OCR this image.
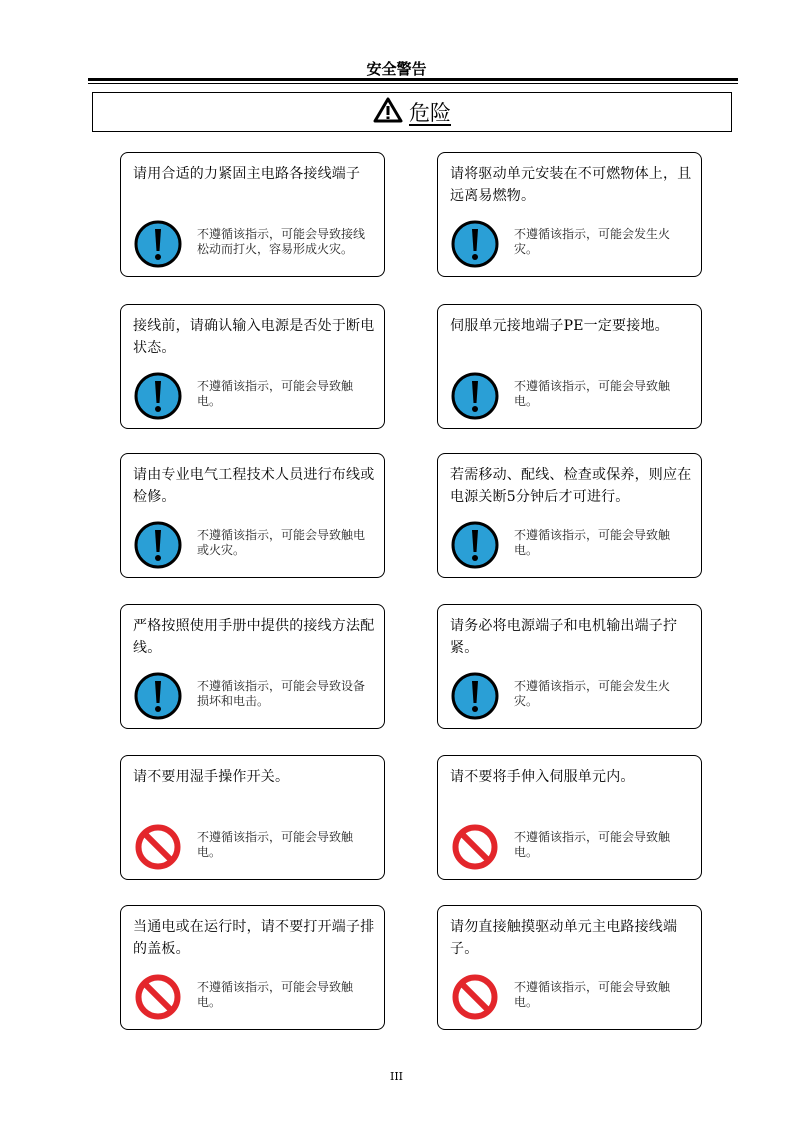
安全警告
危险
请用合适的力紧固主电路各接线端子
不遵循该指示，可能会导致接线松动而打火，容易形成火灾。
请将驱动单元安装在不可燃物体上，且远离易燃物。
不遵循该指示，可能会发生火灾。
接线前，请确认输入电源是否处于断电状态。
不遵循该指示，可能会导致触电。
伺服单元接地端子PE一定要接地。
不遵循该指示，可能会导致触电。
请由专业电气工程技术人员进行布线或检修。
不遵循该指示，可能会导致触电或火灾。
若需移动、配线、检查或保养，则应在电源关断5分钟后才可进行。
不遵循该指示，可能会导致触电。
严格按照使用手册中提供的接线方法配线。
不遵循该指示，可能会导致设备损坏和电击。
请务必将电源端子和电机输出端子拧紧。
不遵循该指示，可能会发生火灾。
请不要用湿手操作开关。
不遵循该指示，可能会导致触电。
请不要将手伸入伺服单元内。
不遵循该指示，可能会导致触电。
当通电或在运行时，请不要打开端子排的盖板。
不遵循该指示，可能会导致触电。
请勿直接触摸驱动单元主电路接线端子。
不遵循该指示，可能会导致触电。
III
